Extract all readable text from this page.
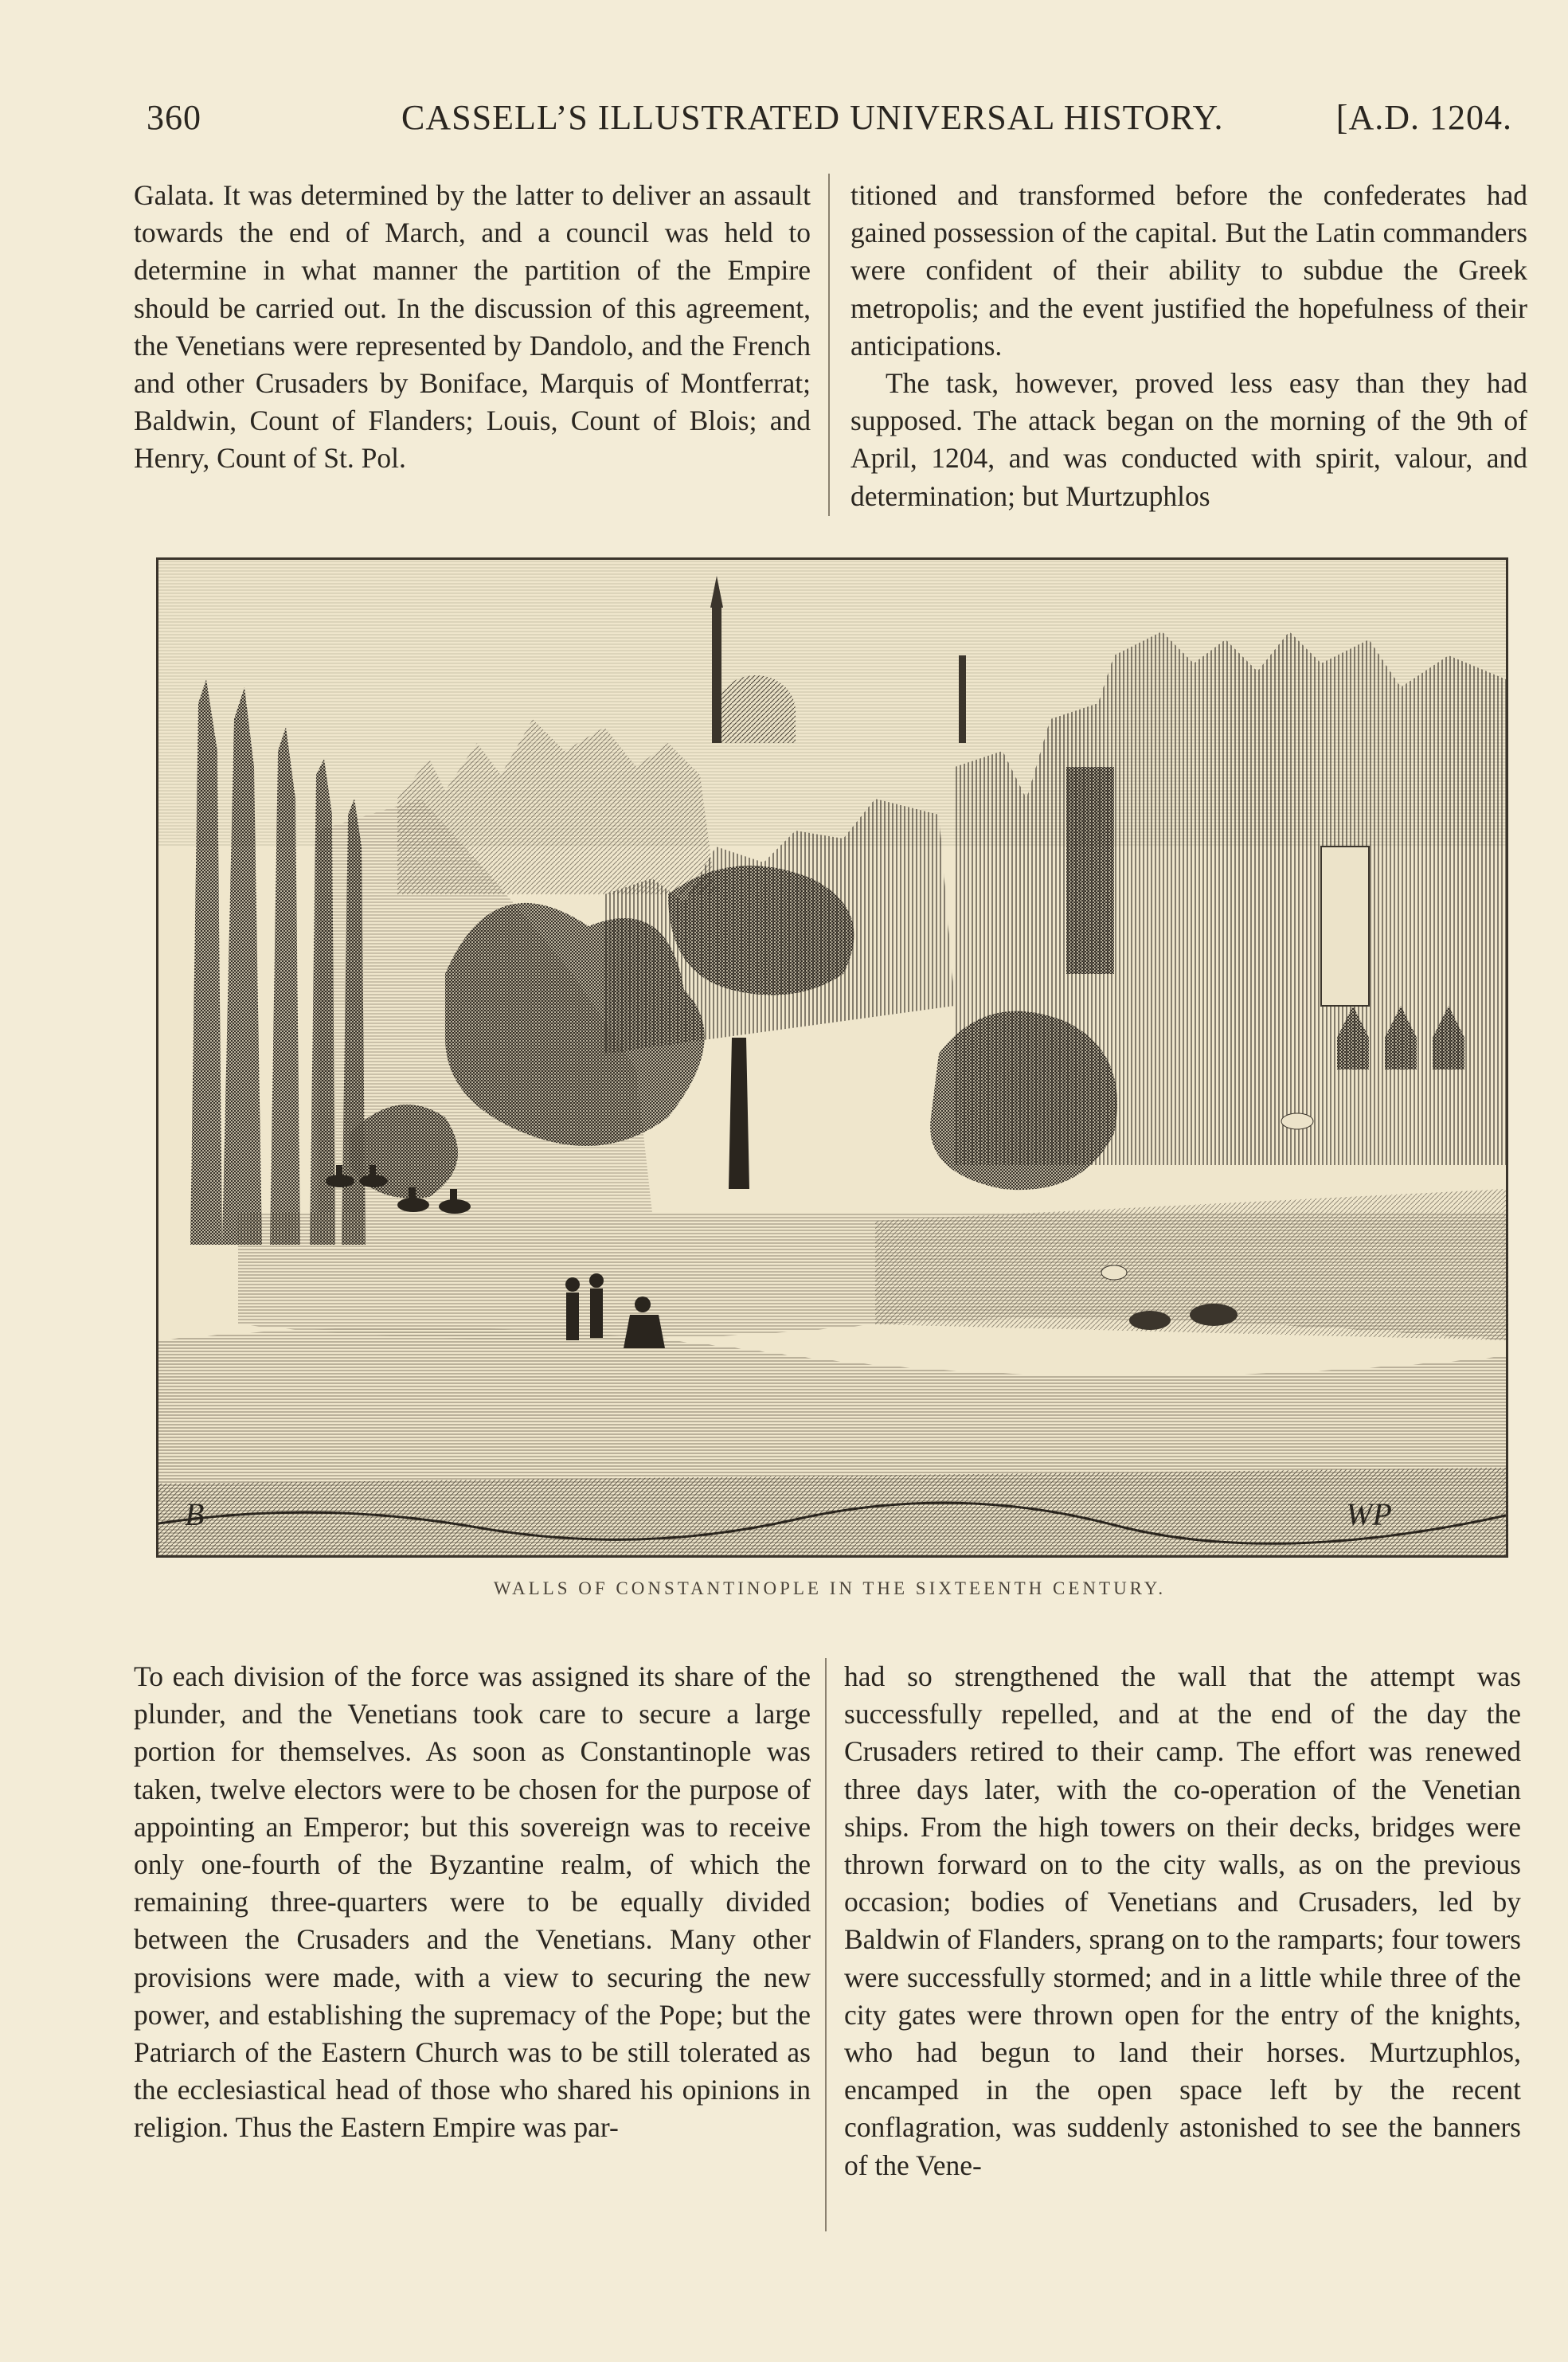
360	CASSELL’S ILLUSTRATED UNIVERSAL HISTORY.	[A.D. 1204.

Galata. It was determined by the latter to deliver an assault towards the end of March, and a council was held to determine in what manner the partition of the Empire should be carried out. In the discussion of this agreement, the Venetians were represented by Dandolo, and the French and other Crusaders by Boniface, Marquis of Montferrat; Baldwin, Count of Flanders; Louis, Count of Blois; and Henry, Count of St. Pol.

titioned and transformed before the confederates had gained possession of the capital. But the Latin commanders were confident of their ability to subdue the Greek metropolis; and the event justified the hopefulness of their anticipations.

The task, however, proved less easy than they had supposed. The attack began on the morning of the 9th of April, 1204, and was conducted with spirit, valour, and determination; but Murtzuphlos

B	WP
WALLS OF CONSTANTINOPLE IN THE SIXTEENTH CENTURY.

To each division of the force was assigned its share of the plunder, and the Venetians took care to secure a large portion for themselves. As soon as Constantinople was taken, twelve electors were to be chosen for the purpose of appointing an Emperor; but this sovereign was to receive only one-fourth of the Byzantine realm, of which the remaining three-quarters were to be equally divided between the Crusaders and the Venetians. Many other provisions were made, with a view to securing the new power, and establishing the supremacy of the Pope; but the Patriarch of the Eastern Church was to be still tolerated as the ecclesiastical head of those who shared his opinions in religion. Thus the Eastern Empire was par-

had so strengthened the wall that the attempt was successfully repelled, and at the end of the day the Crusaders retired to their camp. The effort was renewed three days later, with the co-operation of the Venetian ships. From the high towers on their decks, bridges were thrown forward on to the city walls, as on the previous occasion; bodies of Venetians and Crusaders, led by Baldwin of Flanders, sprang on to the ramparts; four towers were successfully stormed; and in a little while three of the city gates were thrown open for the entry of the knights, who had begun to land their horses. Murtzuphlos, encamped in the open space left by the recent conflagration, was suddenly astonished to see the banners of the Vene-
